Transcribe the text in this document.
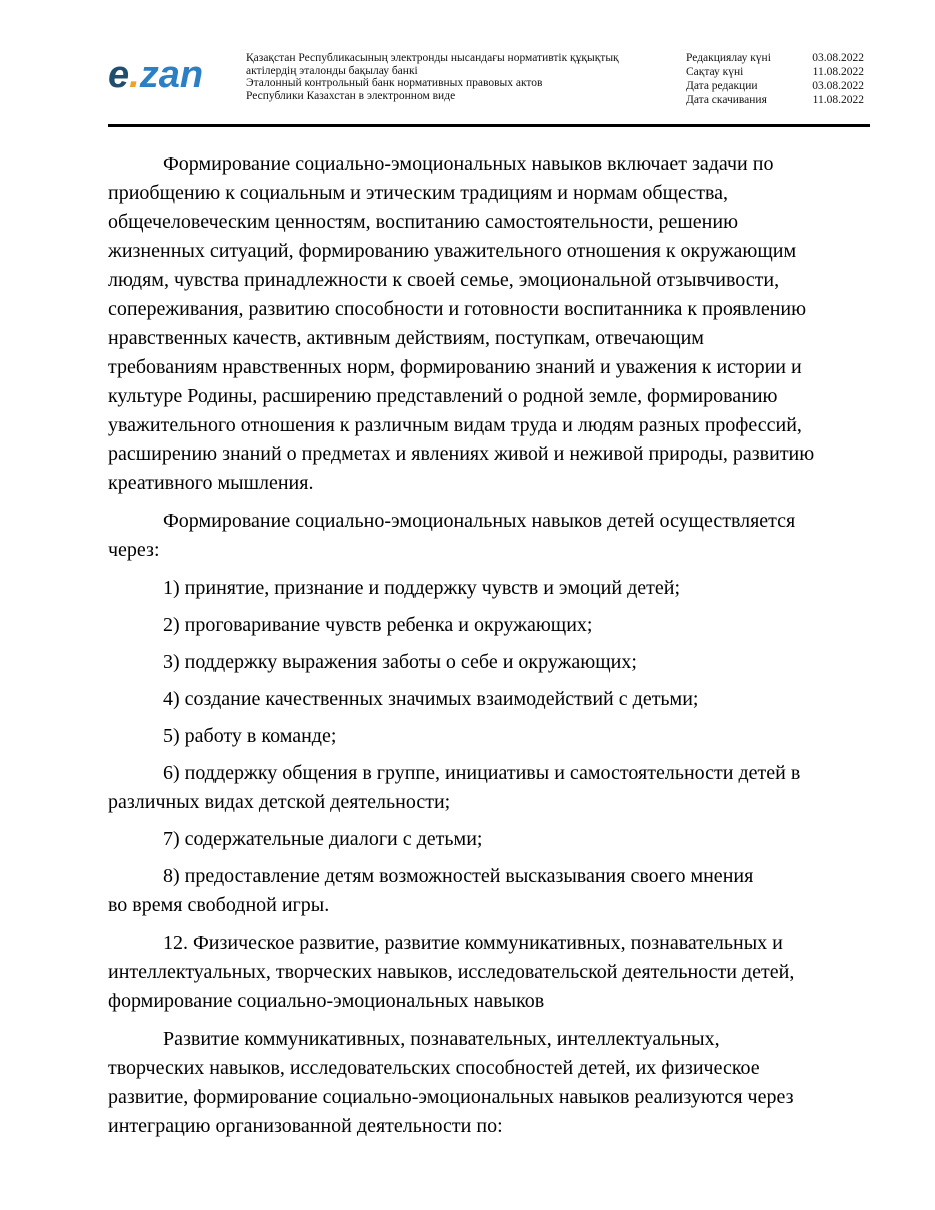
e.zan	Қазақстан Республикасының электронды нысандағы нормативтік құқықтық
актілердің эталонды бақылау банкі
Эталонный контрольный банк нормативных правовых актов
Республики Казахстан в электронном виде
Редакциялау күні	03.08.2022
Сақтау күні	11.08.2022
Дата редакции	03.08.2022
Дата скачивания	11.08.2022
Формирование социально-эмоциональных навыков включает задачи по
приобщению к социальным и этическим традициям и нормам общества,
общечеловеческим ценностям, воспитанию самостоятельности, решению
жизненных ситуаций, формированию уважительного отношения к окружающим
людям, чувства принадлежности к своей семье, эмоциональной отзывчивости,
сопереживания, развитию способности и готовности воспитанника к проявлению
нравственных качеств, активным действиям, поступкам, отвечающим
требованиям нравственных норм, формированию знаний и уважения к истории и
культуре Родины, расширению представлений о родной земле, формированию
уважительного отношения к различным видам труда и людям разных профессий,
расширению знаний о предметах и явлениях живой и неживой природы, развитию
креативного мышления.
Формирование социально-эмоциональных навыков детей осуществляется
через:
1) принятие, признание и поддержку чувств и эмоций детей;
2) проговаривание чувств ребенка и окружающих;
3) поддержку выражения заботы о себе и окружающих;
4) создание качественных значимых взаимодействий с детьми;
5) работу в команде;
6) поддержку общения в группе, инициативы и самостоятельности детей в
различных видах детской деятельности;
7) содержательные диалоги с детьми;
8) предоставление детям возможностей высказывания своего мнения
во время свободной игры.
12. Физическое развитие, развитие коммуникативных, познавательных и
интеллектуальных, творческих навыков, исследовательской деятельности детей,
формирование социально-эмоциональных навыков
Развитие коммуникативных, познавательных, интеллектуальных,
творческих навыков, исследовательских способностей детей, их физическое
развитие, формирование социально-эмоциональных навыков реализуются через
интеграцию организованной деятельности по:
